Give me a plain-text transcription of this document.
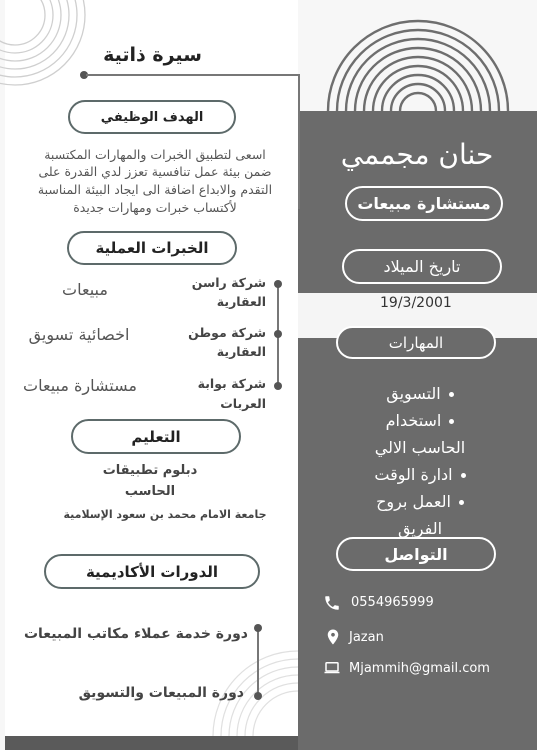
سيرة ذاتية
الهدف الوظيفي
اسعى لتطبيق الخبرات والمهارات المكتسبة
ضمن بيئة عمل تنافسية تعزز لدي القدرة على
التقدم والابداع اضافة الى ايجاد البيئة المناسبة
لأكتساب خبرات ومهارات جديدة
الخبرات العملية
شركة راسن
العقارية
مبيعات
شركة موطن
العقارية
اخصائية تسويق
شركة بوابة
العربات
مستشارة مبيعات
التعليم
دبلوم تطبيقات
الحاسب
جامعة الامام محمد بن سعود الإسلامية
الدورات الأكاديمية
دورة خدمة عملاء مكاتب المبيعات
دورة المبيعات والتسويق
حنان مجممي
مستشارة مبيعات
تاريخ الميلاد
19/3/2001
المهارات
التسويق
استخدام
الحاسب الالي
ادارة الوقت
العمل بروح
الفريق
التواصل
0554965999
Jazan
Mjammih@gmail.com
